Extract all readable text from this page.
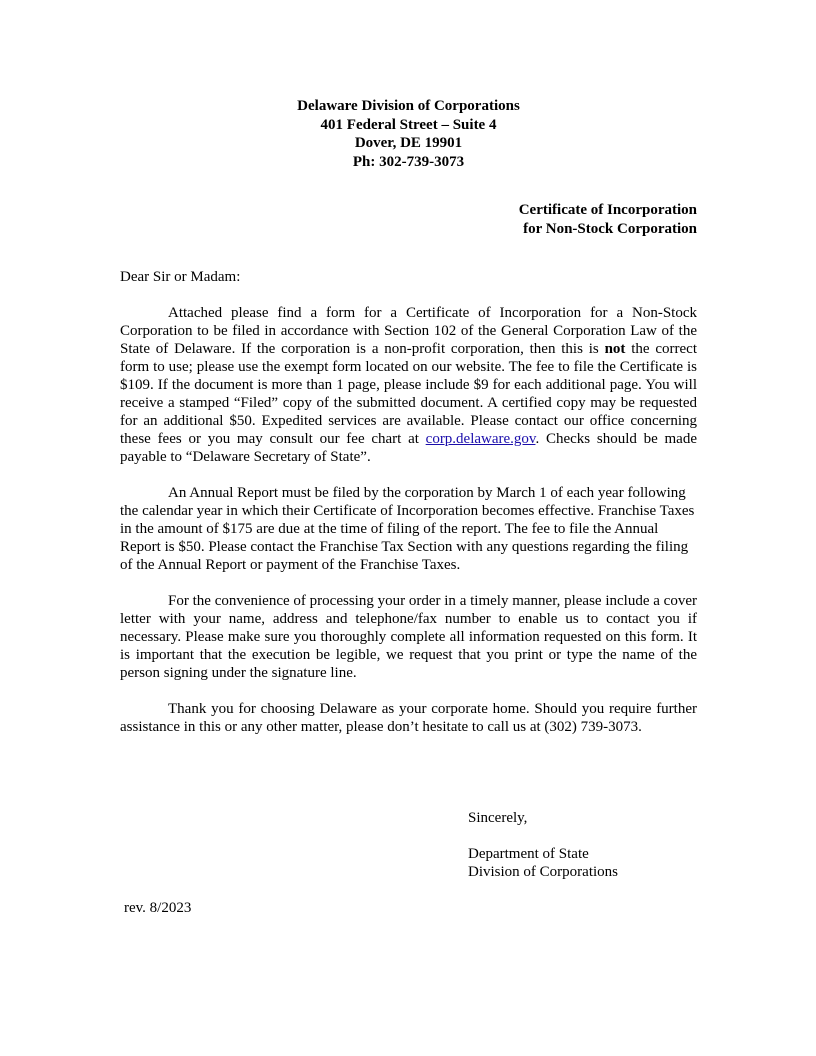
Delaware Division of Corporations
401 Federal Street – Suite 4
Dover, DE 19901
Ph: 302-739-3073
Certificate of Incorporation
for Non-Stock Corporation
Dear Sir or Madam:

Attached please find a form for a Certificate of Incorporation for a Non-Stock Corporation to be filed in accordance with Section 102 of the General Corporation Law of the State of Delaware. If the corporation is a non-profit corporation, then this is not the correct form to use; please use the exempt form located on our website. The fee to file the Certificate is $109. If the document is more than 1 page, please include $9 for each additional page. You will receive a stamped “Filed” copy of the submitted document. A certified copy may be requested for an additional $50. Expedited services are available. Please contact our office concerning these fees or you may consult our fee chart at corp.delaware.gov. Checks should be made payable to “Delaware Secretary of State”.

An Annual Report must be filed by the corporation by March 1 of each year following the calendar year in which their Certificate of Incorporation becomes effective. Franchise Taxes in the amount of $175 are due at the time of filing of the report. The fee to file the Annual Report is $50. Please contact the Franchise Tax Section with any questions regarding the filing of the Annual Report or payment of the Franchise Taxes.

For the convenience of processing your order in a timely manner, please include a cover letter with your name, address and telephone/fax number to enable us to contact you if necessary. Please make sure you thoroughly complete all information requested on this form. It is important that the execution be legible, we request that you print or type the name of the person signing under the signature line.

Thank you for choosing Delaware as your corporate home. Should you require further assistance in this or any other matter, please don’t hesitate to call us at (302) 739-3073.

Sincerely,
Department of State
Division of Corporations
rev. 8/2023
